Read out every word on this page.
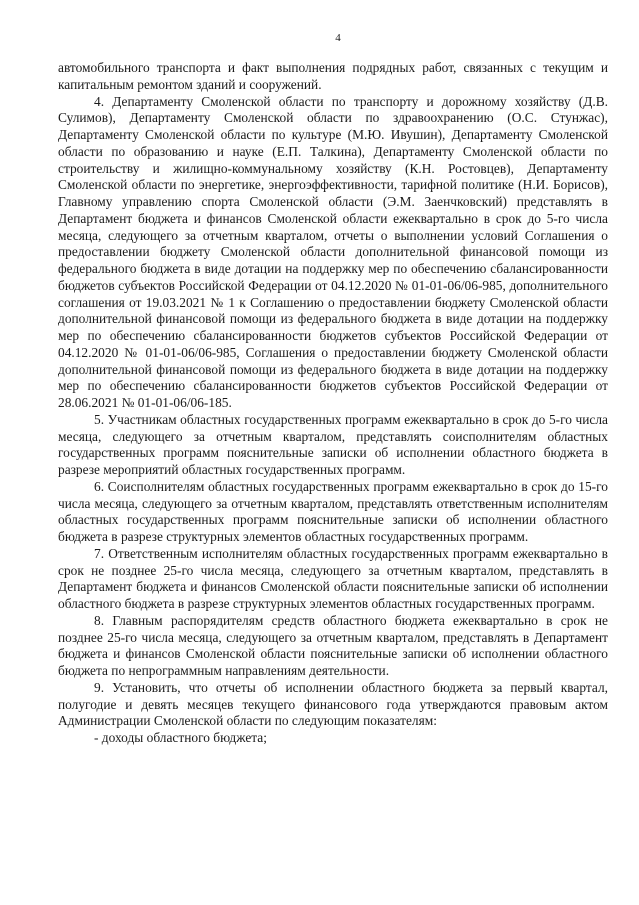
4

автомобильного транспорта и факт выполнения подрядных работ, связанных с текущим и капитальным ремонтом зданий и сооружений.

4. Департаменту Смоленской области по транспорту и дорожному хозяйству (Д.В. Сулимов), Департаменту Смоленской области по здравоохранению (О.С. Стунжас), Департаменту Смоленской области по культуре (М.Ю. Ивушин), Департаменту Смоленской области по образованию и науке (Е.П. Талкина), Департаменту Смоленской области по строительству и жилищно-коммунальному хозяйству (К.Н. Ростовцев), Департаменту Смоленской области по энергетике, энергоэффективности, тарифной политике (Н.И. Борисов), Главному управлению спорта Смоленской области (Э.М. Заенчковский) представлять в Департамент бюджета и финансов Смоленской области ежеквартально в срок до 5-го числа месяца, следующего за отчетным кварталом, отчеты о выполнении условий Соглашения о предоставлении бюджету Смоленской области дополнительной финансовой помощи из федерального бюджета в виде дотации на поддержку мер по обеспечению сбалансированности бюджетов субъектов Российской Федерации от 04.12.2020 № 01-01-06/06-985, дополнительного соглашения от 19.03.2021 № 1 к Соглашению о предоставлении бюджету Смоленской области дополнительной финансовой помощи из федерального бюджета в виде дотации на поддержку мер по обеспечению сбалансированности бюджетов субъектов Российской Федерации от 04.12.2020 № 01-01-06/06-985, Соглашения о предоставлении бюджету Смоленской области дополнительной финансовой помощи из федерального бюджета в виде дотации на поддержку мер по обеспечению сбалансированности бюджетов субъектов Российской Федерации от 28.06.2021 № 01-01-06/06-185.

5. Участникам областных государственных программ ежеквартально в срок до 5-го числа месяца, следующего за отчетным кварталом, представлять соисполнителям областных государственных программ пояснительные записки об исполнении областного бюджета в разрезе мероприятий областных государственных программ.

6. Соисполнителям областных государственных программ ежеквартально в срок до 15-го числа месяца, следующего за отчетным кварталом, представлять ответственным исполнителям областных государственных программ пояснительные записки об исполнении областного бюджета в разрезе структурных элементов областных государственных программ.

7. Ответственным исполнителям областных государственных программ ежеквартально в срок не позднее 25-го числа месяца, следующего за отчетным кварталом, представлять в Департамент бюджета и финансов Смоленской области пояснительные записки об исполнении областного бюджета в разрезе структурных элементов областных государственных программ.

8. Главным распорядителям средств областного бюджета ежеквартально в срок не позднее 25-го числа месяца, следующего за отчетным кварталом, представлять в Департамент бюджета и финансов Смоленской области пояснительные записки об исполнении областного бюджета по непрограммным направлениям деятельности.

9. Установить, что отчеты об исполнении областного бюджета за первый квартал, полугодие и девять месяцев текущего финансового года утверждаются правовым актом Администрации Смоленской области по следующим показателям:

- доходы областного бюджета;
